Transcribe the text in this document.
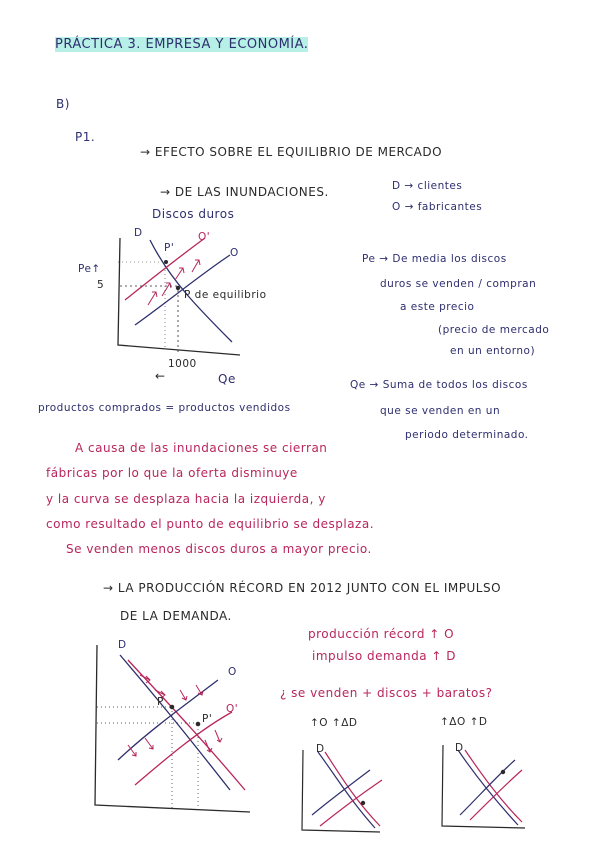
PRÁCTICA 3. EMPRESA Y ECONOMÍA.
B)
P1.
→ EFECTO SOBRE EL EQUILIBRIO DE MERCADO
→ DE LAS INUNDACIONES.	D → clientes
O → fabricantes
Discos duros
D
P'
O'
O
Pe↑
5
P de equilibrio
1000
←	Qe
Pe → De media los discos
duros se venden / compran
a este precio
(precio de mercado
en un entorno)
Qe → Suma de todos los discos
que se venden en un
periodo determinado.
productos comprados = productos vendidos
A causa de las inundaciones se cierran
fábricas por lo que la oferta disminuye
y la curva se desplaza hacia la izquierda, y
como resultado el punto de equilibrio se desplaza.
Se venden menos discos duros a mayor precio.
→ LA PRODUCCIÓN RÉCORD EN 2012 JUNTO CON EL IMPULSO
DE LA DEMANDA.
producción récord ↑ O
impulso demanda ↑ D
¿ se venden + discos + baratos?
D
O
P
P'
O'
↑O ↑ΔD
D
↑ΔO ↑D
D
